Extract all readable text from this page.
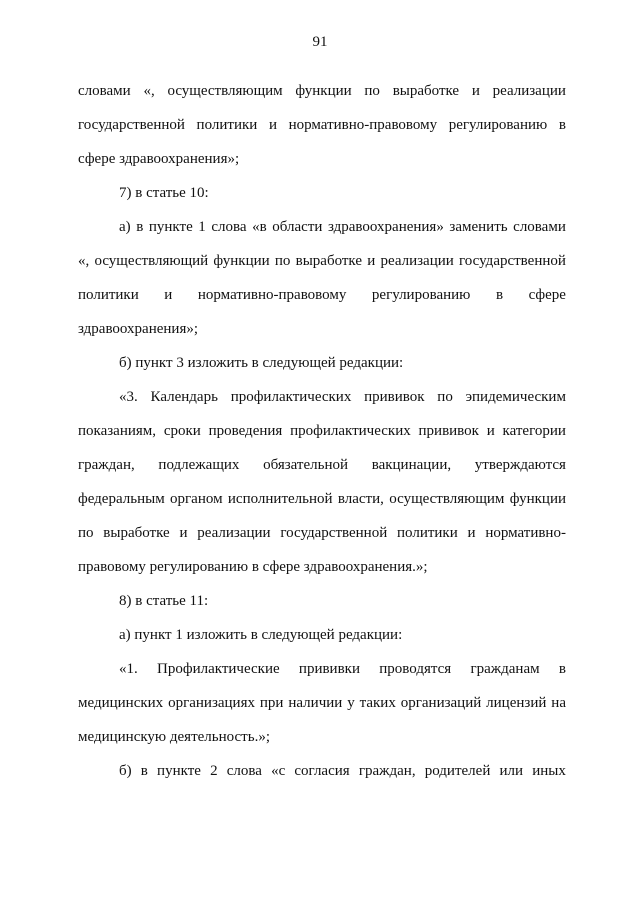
91
словами «, осуществляющим функции по выработке и реализации
государственной политики и нормативно-правовому регулированию в
сфере здравоохранения»;
7) в статье 10:
а) в пункте 1 слова «в области здравоохранения» заменить словами
«, осуществляющий функции по выработке и реализации государственной
политики и нормативно-правовому регулированию в сфере
здравоохранения»;
б) пункт 3 изложить в следующей редакции:
«3. Календарь профилактических прививок по эпидемическим
показаниям, сроки проведения профилактических прививок и категории
граждан, подлежащих обязательной вакцинации, утверждаются
федеральным органом исполнительной власти, осуществляющим функции
по выработке и реализации государственной политики и нормативно-
правовому регулированию в сфере здравоохранения.»;
8) в статье 11:
а) пункт 1 изложить в следующей редакции:
«1. Профилактические прививки проводятся гражданам в
медицинских организациях при наличии у таких организаций лицензий на
медицинскую деятельность.»;
б) в пункте 2 слова «с согласия граждан, родителей или иных
